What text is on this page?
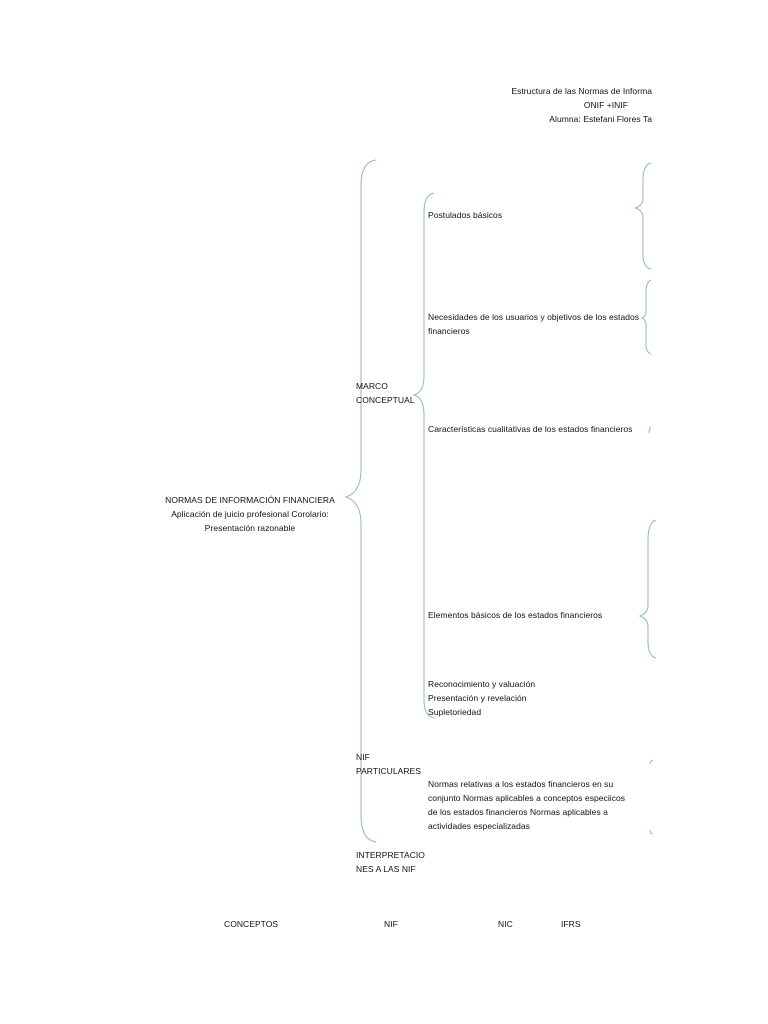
Estructura de las Normas de Informa
ONIF +INIF
Alumna: Estefani Flores Ta
NORMAS DE INFORMACIÓN FINANCIERA
Aplicación de juicio profesional Corolario:
Presentación razonable
MARCO
CONCEPTUAL
NIF
PARTICULARES
INTERPRETACIO
NES A LAS NIF
Postulados básicos
Necesidades de los usuarios y objetivos de los estados
financieros
Características cualitativas de los estados financieros
Elementos básicos de los estados financieros
Reconocimiento y valuación
Presentación y revelación
Supletoriedad
Normas relativas a los estados financieros en su
conjunto Normas aplicables a conceptos especiicos
de los estados financieros Normas aplicables a
actividades especializadas
CONCEPTOS	NIF	NIC	IFRS
